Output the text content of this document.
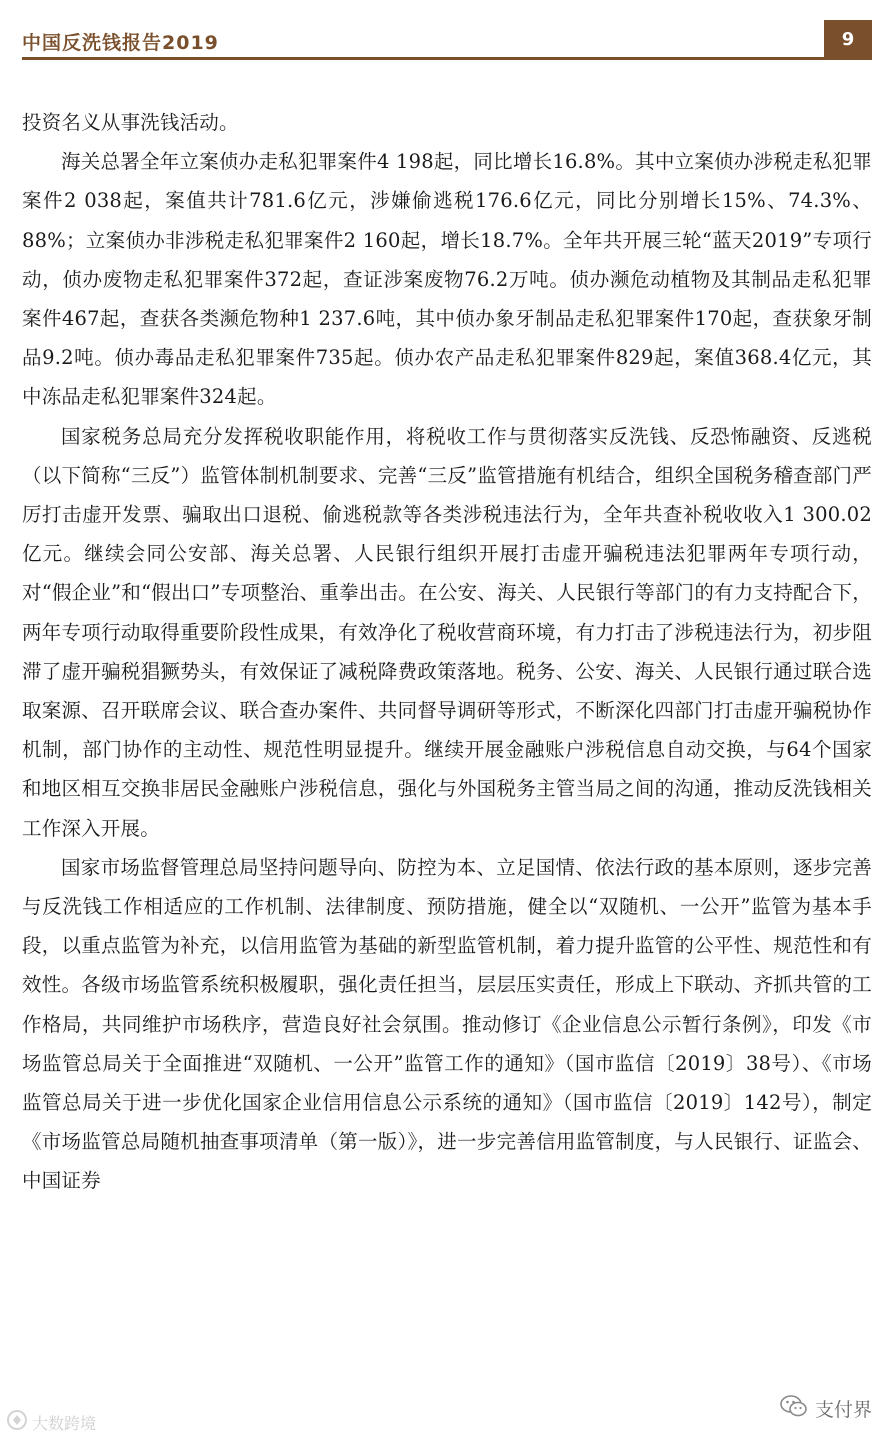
中国反洗钱报告2019	9

投资名义从事洗钱活动。

海关总署全年立案侦办走私犯罪案件4 198起，同比增长16.8%。其中立案侦办涉税走私犯罪案件2 038起，案值共计781.6亿元，涉嫌偷逃税176.6亿元，同比分别增长15%、74.3%、88%；立案侦办非涉税走私犯罪案件2 160起，增长18.7%。全年共开展三轮“蓝天2019”专项行动，侦办废物走私犯罪案件372起，查证涉案废物76.2万吨。侦办濒危动植物及其制品走私犯罪案件467起，查获各类濒危物种1 237.6吨，其中侦办象牙制品走私犯罪案件170起，查获象牙制品9.2吨。侦办毒品走私犯罪案件735起。侦办农产品走私犯罪案件829起，案值368.4亿元，其中冻品走私犯罪案件324起。

国家税务总局充分发挥税收职能作用，将税收工作与贯彻落实反洗钱、反恐怖融资、反逃税（以下简称“三反”）监管体制机制要求、完善“三反”监管措施有机结合，组织全国税务稽查部门严厉打击虚开发票、骗取出口退税、偷逃税款等各类涉税违法行为，全年共查补税收收入1 300.02亿元。继续会同公安部、海关总署、人民银行组织开展打击虚开骗税违法犯罪两年专项行动，对“假企业”和“假出口”专项整治、重拳出击。在公安、海关、人民银行等部门的有力支持配合下，两年专项行动取得重要阶段性成果，有效净化了税收营商环境，有力打击了涉税违法行为，初步阻滞了虚开骗税猖獗势头，有效保证了减税降费政策落地。税务、公安、海关、人民银行通过联合选取案源、召开联席会议、联合查办案件、共同督导调研等形式，不断深化四部门打击虚开骗税协作机制，部门协作的主动性、规范性明显提升。继续开展金融账户涉税信息自动交换，与64个国家和地区相互交换非居民金融账户涉税信息，强化与外国税务主管当局之间的沟通，推动反洗钱相关工作深入开展。

国家市场监督管理总局坚持问题导向、防控为本、立足国情、依法行政的基本原则，逐步完善与反洗钱工作相适应的工作机制、法律制度、预防措施，健全以“双随机、一公开”监管为基本手段，以重点监管为补充，以信用监管为基础的新型监管机制，着力提升监管的公平性、规范性和有效性。各级市场监管系统积极履职，强化责任担当，层层压实责任，形成上下联动、齐抓共管的工作格局，共同维护市场秩序，营造良好社会氛围。推动修订《企业信息公示暂行条例》，印发《市场监管总局关于全面推进“双随机、一公开”监管工作的通知》（国市监信〔2019〕38号）、《市场监管总局关于进一步优化国家企业信用信息公示系统的通知》（国市监信〔2019〕142号），制定《市场监管总局随机抽查事项清单（第一版）》，进一步完善信用监管制度，与人民银行、证监会、中国证券

大数跨境
支付界
